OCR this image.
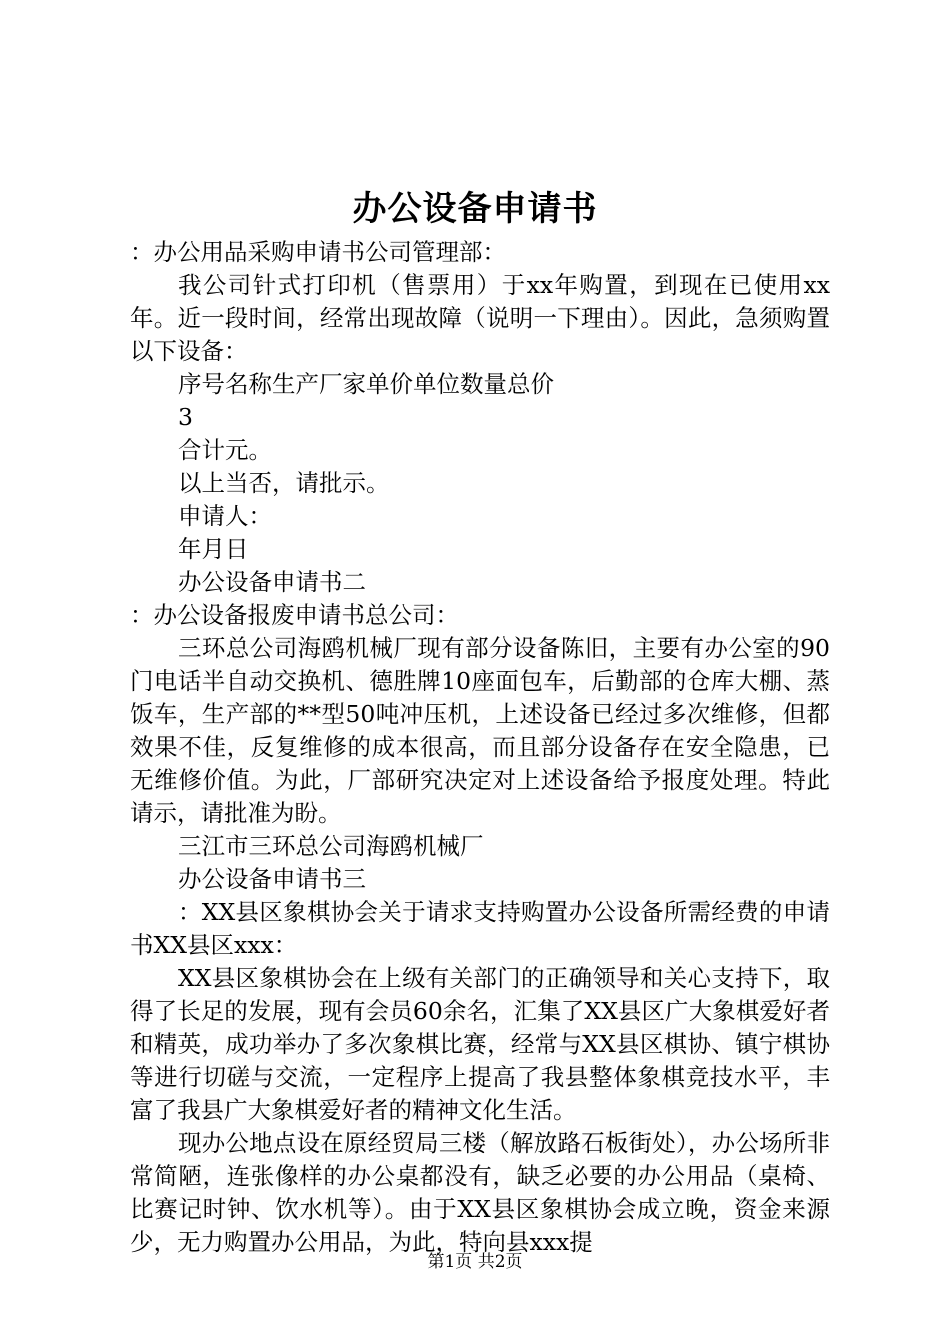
办公设备申请书

：办公用品采购申请书公司管理部：

我公司针式打印机（售票用）于xx年购置，到现在已使用xx年。近一段时间，经常出现故障（说明一下理由）。因此，急须购置以下设备：

序号名称生产厂家单价单位数量总价

3

合计元。

以上当否，请批示。

申请人：

年月日

办公设备申请书二

：办公设备报废申请书总公司：

三环总公司海鸥机械厂现有部分设备陈旧，主要有办公室的90门电话半自动交换机、德胜牌10座面包车，后勤部的仓库大棚、蒸饭车，生产部的**型50吨冲压机，上述设备已经过多次维修，但都效果不佳，反复维修的成本很高，而且部分设备存在安全隐患，已无维修价值。为此，厂部研究决定对上述设备给予报度处理。特此请示，请批准为盼。

三江市三环总公司海鸥机械厂

办公设备申请书三

：XX县区象棋协会关于请求支持购置办公设备所需经费的申请书XX县区xxx：

XX县区象棋协会在上级有关部门的正确领导和关心支持下，取得了长足的发展，现有会员60余名，汇集了XX县区广大象棋爱好者和精英，成功举办了多次象棋比赛，经常与XX县区棋协、镇宁棋协等进行切磋与交流，一定程序上提高了我县整体象棋竞技水平，丰富了我县广大象棋爱好者的精神文化生活。

现办公地点设在原经贸局三楼（解放路石板街处），办公场所非常简陋，连张像样的办公桌都没有，缺乏必要的办公用品（桌椅、比赛记时钟、饮水机等）。由于XX县区象棋协会成立晚，资金来源少，无力购置办公用品，为此，特向县xxx提

第1页 共2页
